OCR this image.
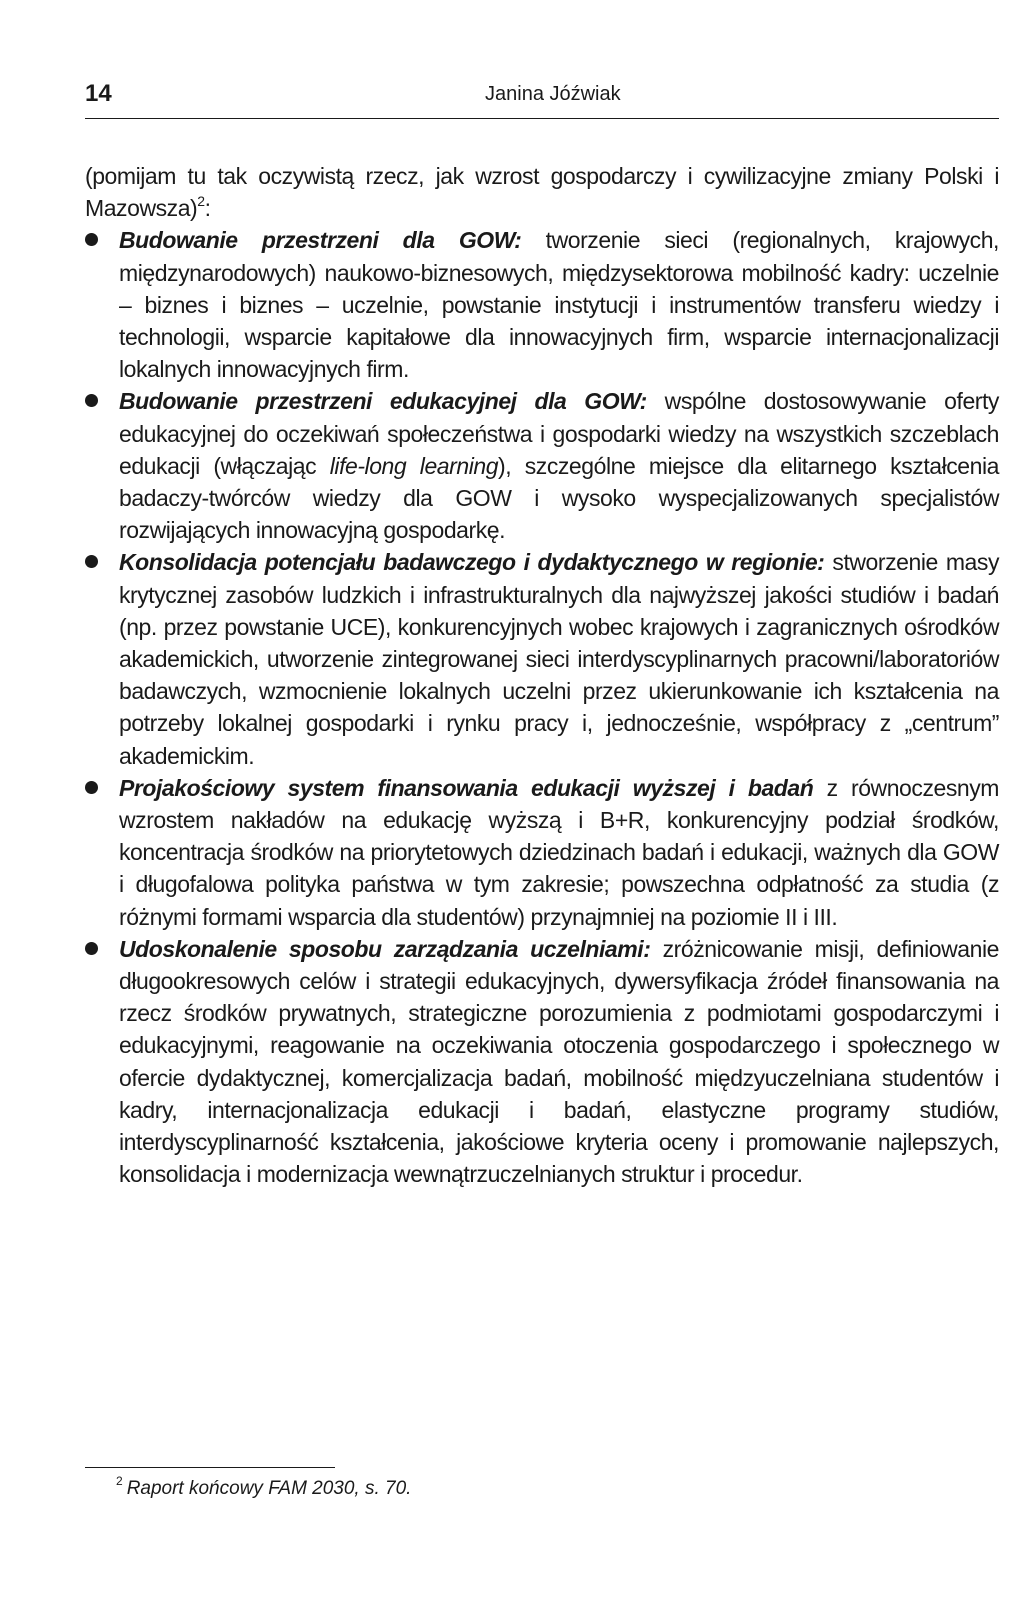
14	Janina Jóźwiak

(pomijam tu tak oczywistą rzecz, jak wzrost gospodarczy i cywilizacyjne zmiany Polski i Mazowsza)$^2$:

Budowanie przestrzeni dla GOW: tworzenie sieci (regionalnych, krajowych, międzynarodowych) naukowo-biznesowych, międzysektorowa mobilność kadry: uczelnie – biznes i biznes – uczelnie, powstanie instytucji i instrumentów transferu wiedzy i technologii, wsparcie kapitałowe dla innowacyjnych firm, wsparcie internacjonalizacji lokalnych innowacyjnych firm.
Budowanie przestrzeni edukacyjnej dla GOW: wspólne dostosowywanie oferty edukacyjnej do oczekiwań społeczeństwa i gospodarki wiedzy na wszystkich szczeblach edukacji (włączając life-long learning), szczególne miejsce dla elitarnego kształcenia badaczy-twórców wiedzy dla GOW i wysoko wyspecjalizowanych specjalistów rozwijających innowacyjną gospodarkę.
Konsolidacja potencjału badawczego i dydaktycznego w regionie: stworzenie masy krytycznej zasobów ludzkich i infrastrukturalnych dla najwyższej jakości studiów i badań (np. przez powstanie UCE), konkurencyjnych wobec krajowych i zagranicznych ośrodków akademickich, utworzenie zintegrowanej sieci interdyscyplinarnych pracowni/laboratoriów badawczych, wzmocnienie lokalnych uczelni przez ukierunkowanie ich kształcenia na potrzeby lokalnej gospodarki i rynku pracy i, jednocześnie, współpracy z „centrum” akademickim.
Projakościowy system finansowania edukacji wyższej i badań z równoczesnym wzrostem nakładów na edukację wyższą i B+R, konkurencyjny podział środków, koncentracja środków na priorytetowych dziedzinach badań i edukacji, ważnych dla GOW i długofalowa polityka państwa w tym zakresie; powszechna odpłatność za studia (z różnymi formami wsparcia dla studentów) przynajmniej na poziomie II i III.
Udoskonalenie sposobu zarządzania uczelniami: zróżnicowanie misji, definiowanie długookresowych celów i strategii edukacyjnych, dywersyfikacja źródeł finansowania na rzecz środków prywatnych, strategiczne porozumienia z podmiotami gospodarczymi i edukacyjnymi, reagowanie na oczekiwania otoczenia gospodarczego i społecznego w ofercie dydaktycznej, komercjalizacja badań, mobilność międzyuczelniana studentów i kadry, internacjonalizacja edukacji i badań, elastyczne programy studiów, interdyscyplinarność kształcenia, jakościowe kryteria oceny i promowanie najlepszych, konsolidacja i modernizacja wewnątrzuczelnianych struktur i procedur.
$^2$ Raport końcowy FAM 2030, s. 70.
